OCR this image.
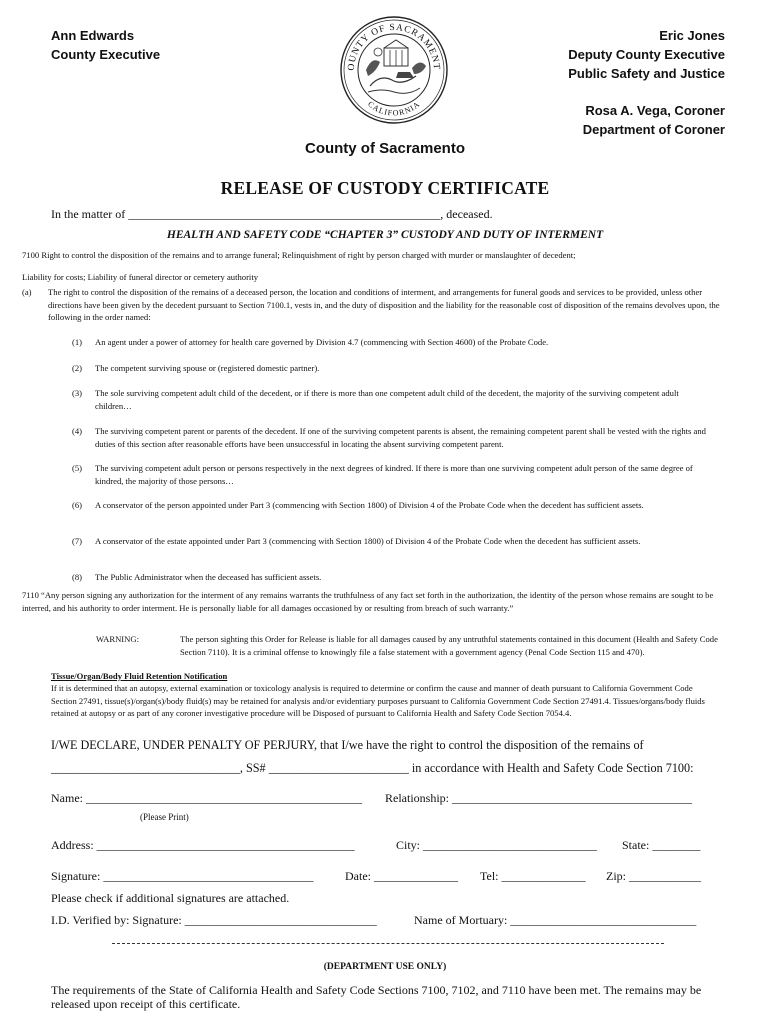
Ann Edwards
County Executive
OUNTY OF SACRAMENT
CALIFORNIA
Eric Jones
Deputy County Executive
Public Safety and Justice
Rosa A. Vega, Coroner
Department of Coroner
County of Sacramento
RELEASE OF CUSTODY CERTIFICATE
In the matter of ____________________________________________________, deceased.
HEALTH AND SAFETY CODE “CHAPTER 3” CUSTODY AND DUTY OF INTERMENT
7100 Right to control the disposition of the remains and to arrange funeral; Relinquishment of right by person charged with murder or manslaughter of decedent;
Liability for costs; Liability of funeral director or cemetery authority
(a) The right to control the disposition of the remains of a deceased person, the location and conditions of interment, and arrangements for funeral goods and services to be provided, unless other directions have been given by the decedent pursuant to Section 7100.1, vests in, and the duty of disposition and the liability for the reasonable cost of disposition of the remains devolves upon, the following in the order named:
(1) An agent under a power of attorney for health care governed by Division 4.7 (commencing with Section 4600) of the Probate Code.
(2) The competent surviving spouse or (registered domestic partner).
(3) The sole surviving competent adult child of the decedent, or if there is more than one competent adult child of the decedent, the majority of the surviving competent adult children…
(4) The surviving competent parent or parents of the decedent. If one of the surviving competent parents is absent, the remaining competent parent shall be vested with the rights and duties of this section after reasonable efforts have been unsuccessful in locating the absent surviving competent parent.
(5) The surviving competent adult person or persons respectively in the next degrees of kindred. If there is more than one surviving competent adult person of the same degree of kindred, the majority of those persons…
(6) A conservator of the person appointed under Part 3 (commencing with Section 1800) of Division 4 of the Probate Code when the decedent has sufficient assets.
(7) A conservator of the estate appointed under Part 3 (commencing with Section 1800) of Division 4 of the Probate Code when the decedent has sufficient assets.
(8) The Public Administrator when the deceased has sufficient assets.
7110 “Any person signing any authorization for the interment of any remains warrants the truthfulness of any fact set forth in the authorization, the identity of the person whose remains are sought to be interred, and his authority to order interment. He is personally liable for all damages occasioned by or resulting from breach of such warranty.”
WARNING:	The person sighting this Order for Release is liable for all damages caused by any untruthful statements contained in this document (Health and Safety Code Section 7110). It is a criminal offense to knowingly file a false statement with a government agency (Penal Code Section 115 and 470).
Tissue/Organ/Body Fluid Retention Notification
If it is determined that an autopsy, external examination or toxicology analysis is required to determine or confirm the cause and manner of death pursuant to California Government Code Section 27491, tissue(s)/organ(s)/body fluid(s) may be retained for analysis and/or evidentiary purposes pursuant to California Government Code Section 27491.4. Tissues/organs/body fluids retained at autopsy or as part of any coroner investigative procedure will be Disposed of pursuant to California Health and Safety Code Section 7054.4.
I/WE DECLARE, UNDER PENALTY OF PERJURY, that I/we have the right to control the disposition of the remains of
_______________________________, SS# _______________________ in accordance with Health and Safety Code Section 7100:
Name: ______________________________________________ Relationship: ________________________________________
(Please Print)
Address: ___________________________________________	City: _____________________________ State: ________
Signature: ___________________________________	Date: ______________ Tel: ______________ Zip: ____________
Please check if additional signatures are attached.
I.D. Verified by: Signature: ________________________________	Name of Mortuary: _______________________________
(DEPARTMENT USE ONLY)
The requirements of the State of California Health and Safety Code Sections 7100, 7102, and 7110 have been met. The remains may be released upon receipt of this certificate.
